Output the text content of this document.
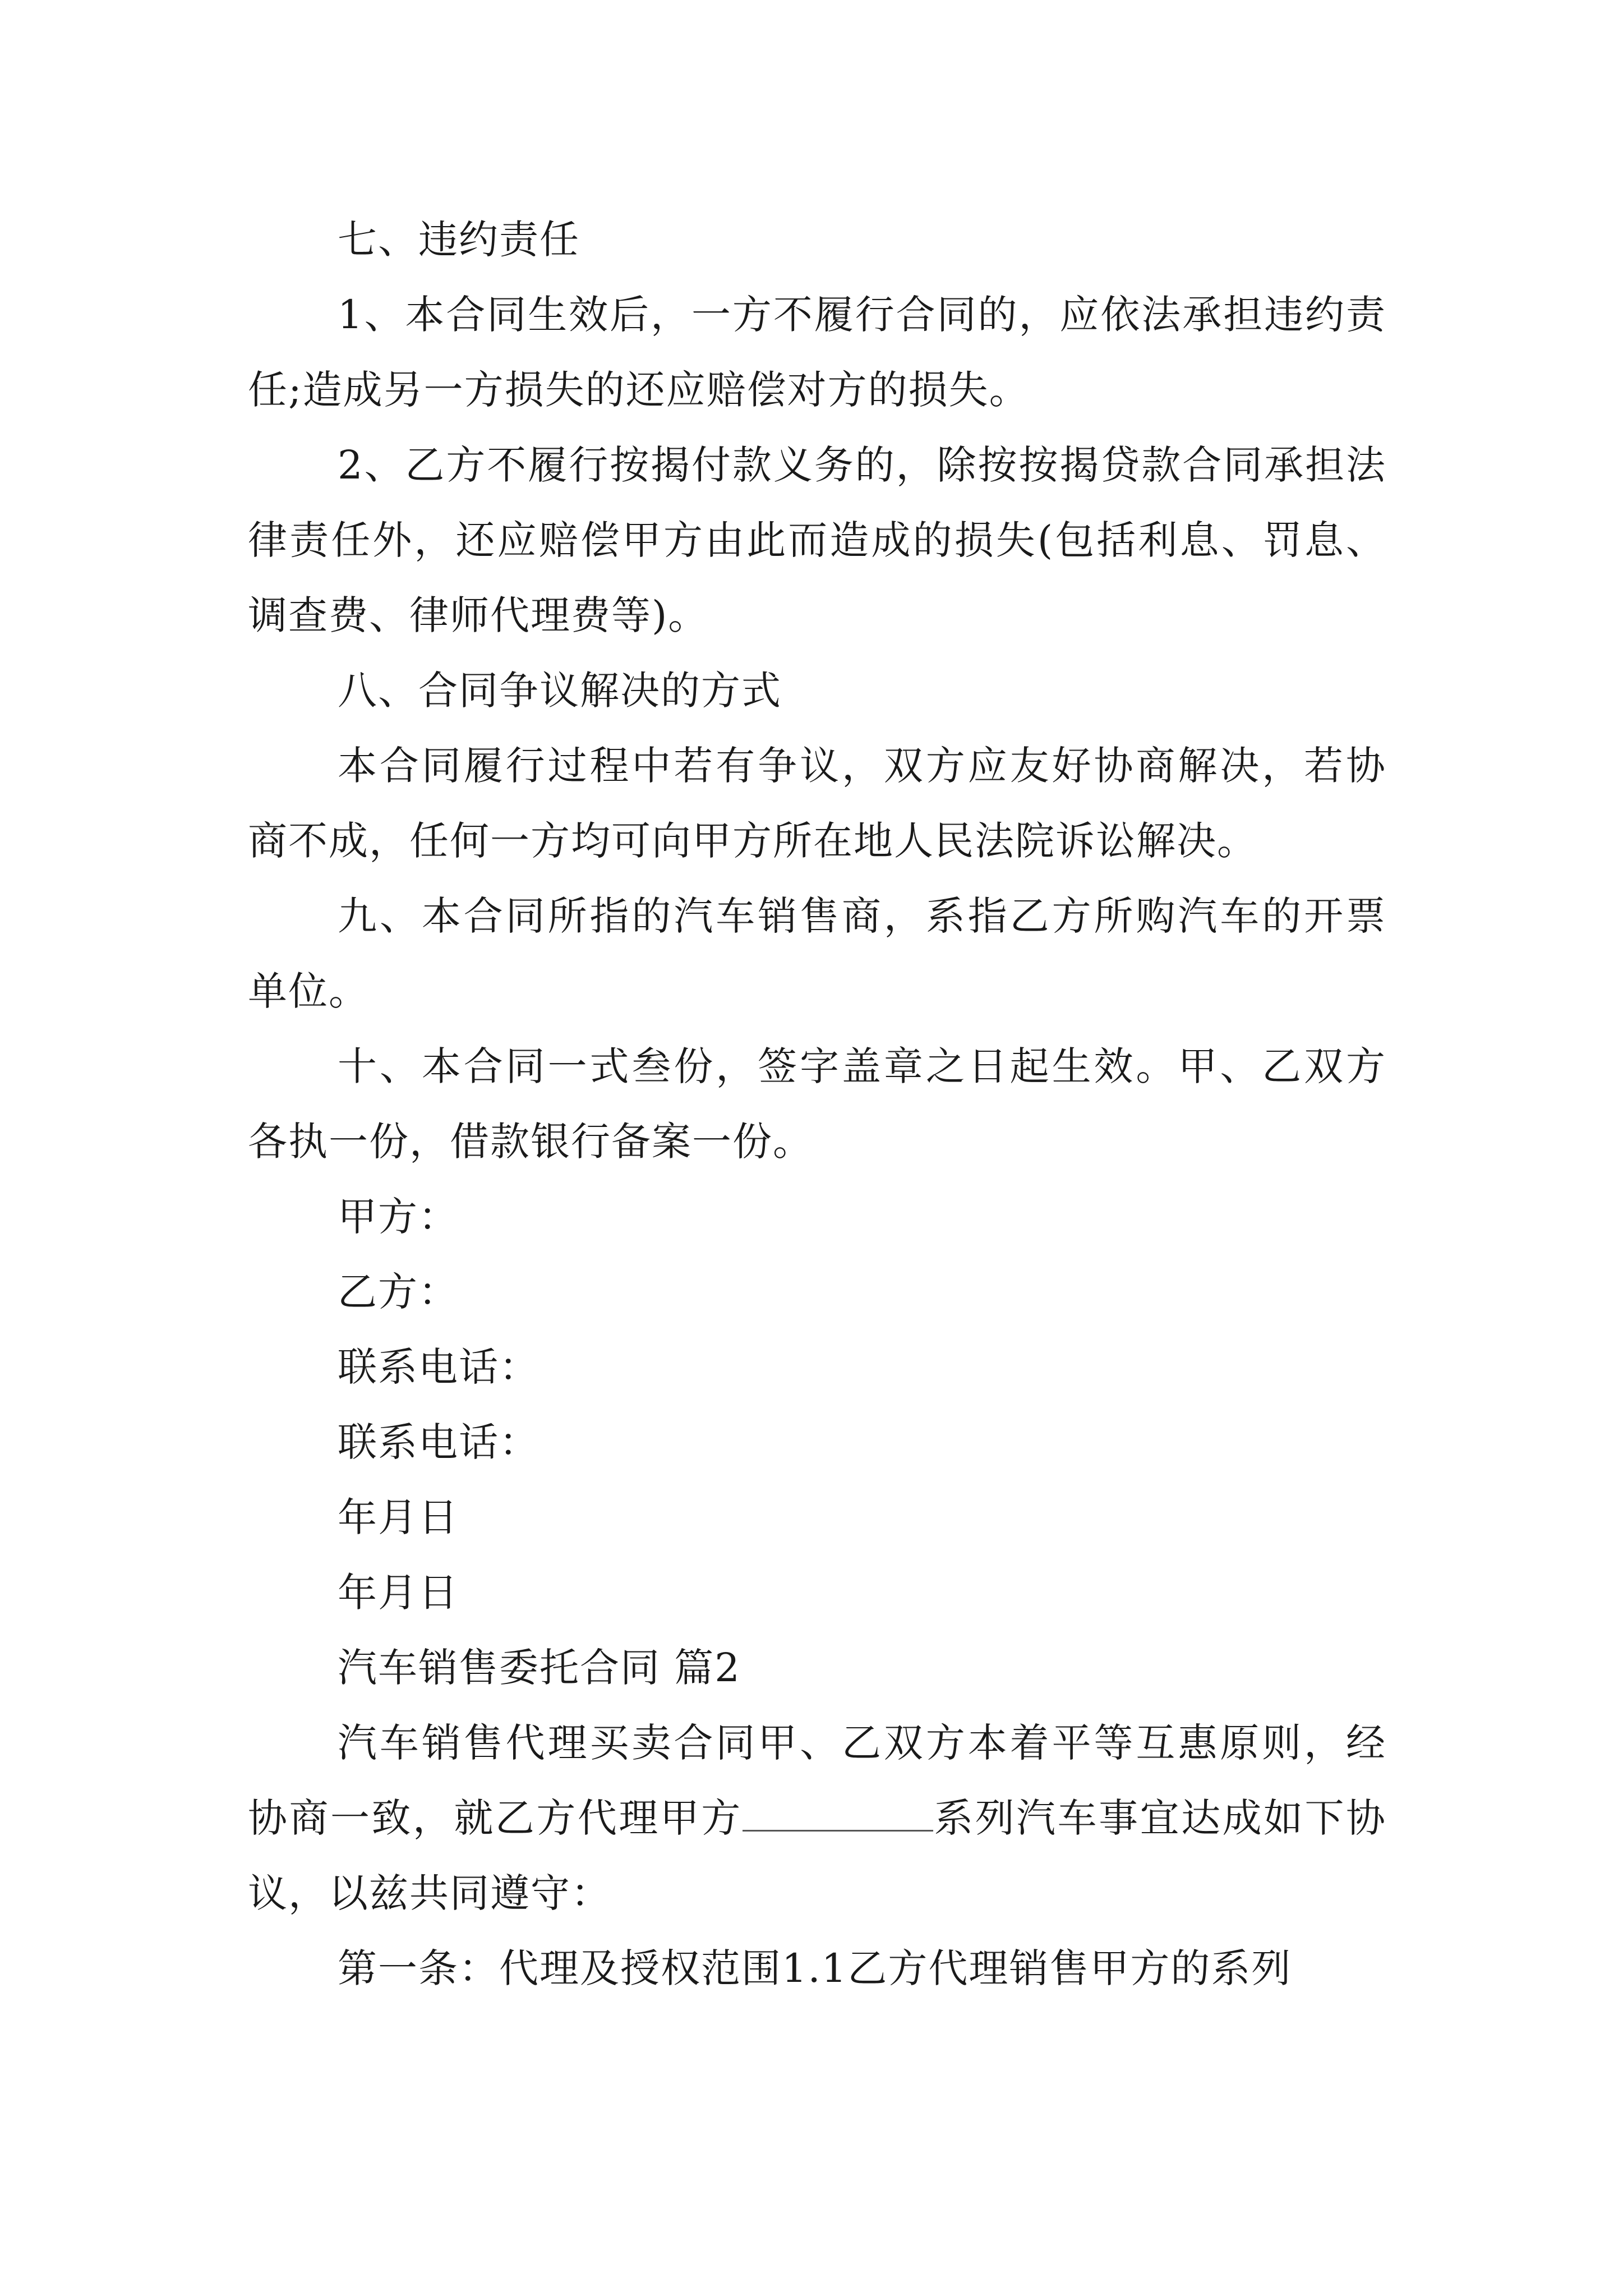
七、违约责任

1、本合同生效后，一方不履行合同的，应依法承担违约责任;造成另一方损失的还应赔偿对方的损失。

2、乙方不履行按揭付款义务的，除按按揭贷款合同承担法律责任外，还应赔偿甲方由此而造成的损失(包括利息、罚息、调查费、律师代理费等)。

八、合同争议解决的方式

本合同履行过程中若有争议，双方应友好协商解决，若协商不成，任何一方均可向甲方所在地人民法院诉讼解决。

九、本合同所指的汽车销售商，系指乙方所购汽车的开票单位。

十、本合同一式叁份，签字盖章之日起生效。甲、乙双方各执一份，借款银行备案一份。

甲方：

乙方：

联系电话：

联系电话：

年月日

年月日

汽车销售委托合同 篇2

汽车销售代理买卖合同甲、乙双方本着平等互惠原则，经协商一致，就乙方代理甲方	系列汽车事宜达成如下协议，以兹共同遵守：

第一条：代理及授权范围1.1乙方代理销售甲方的系列
